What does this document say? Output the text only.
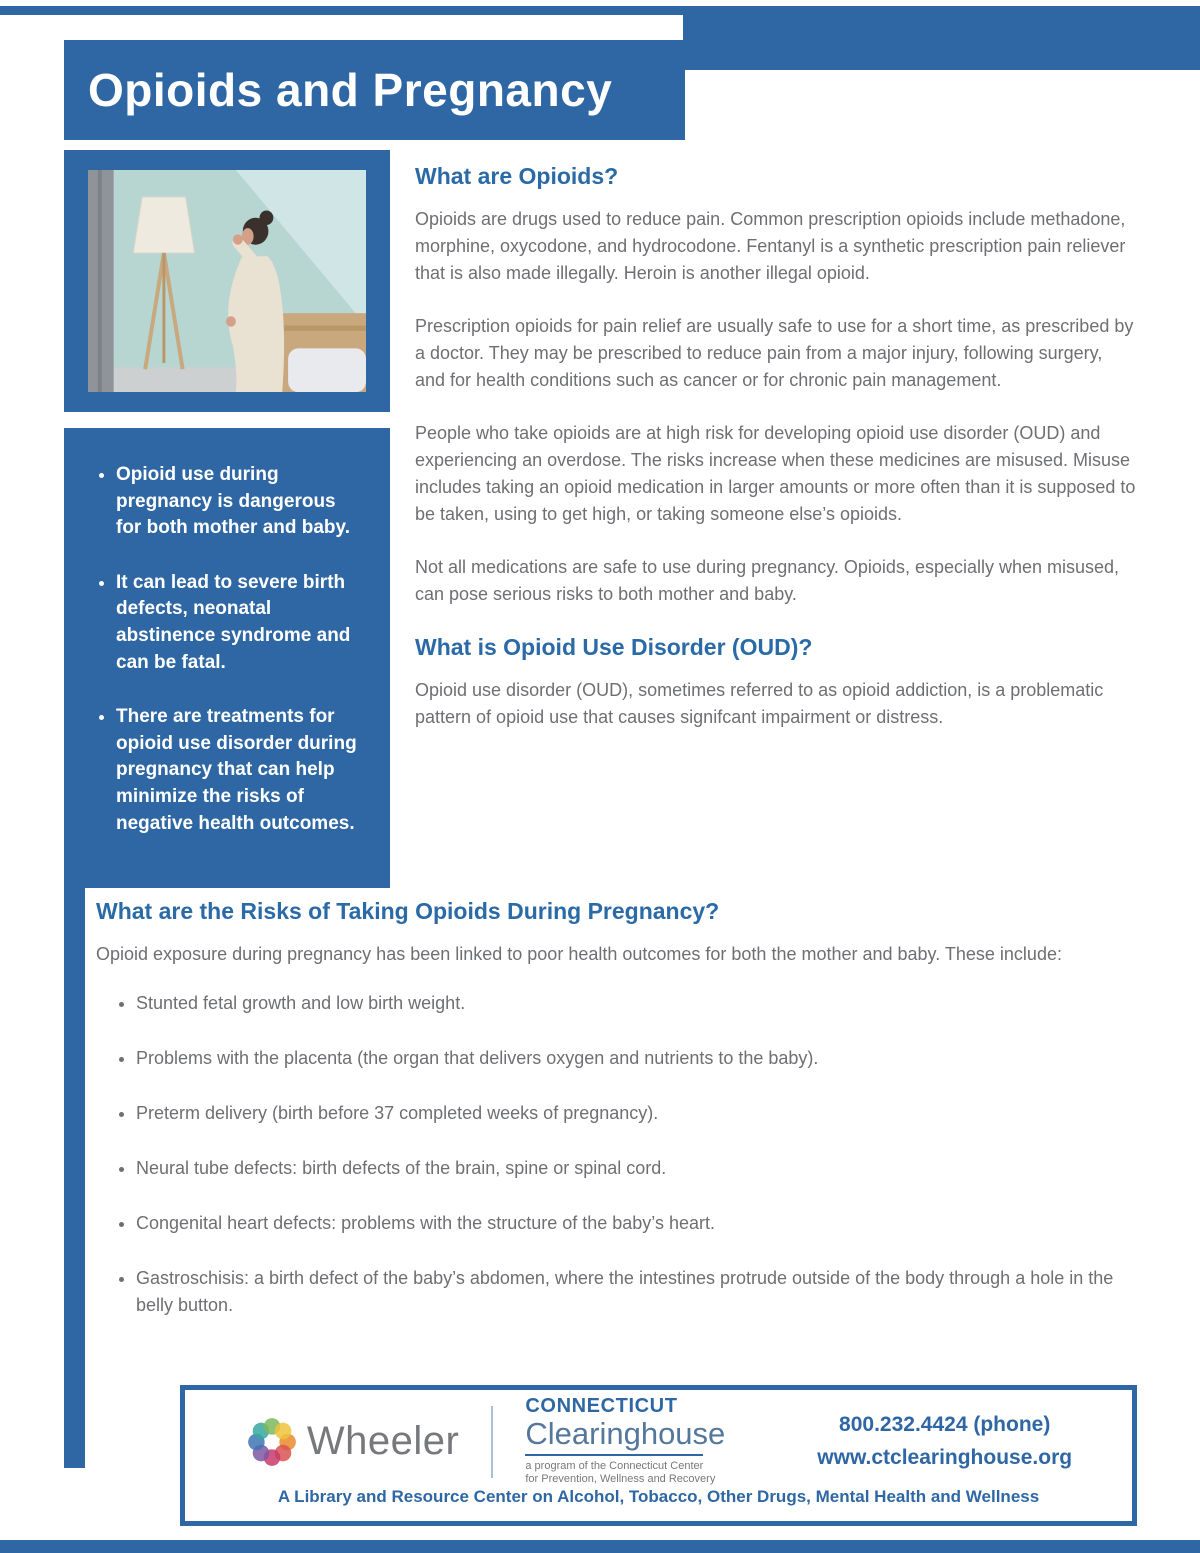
Opioids and Pregnancy
• Opioid use during pregnancy is dangerous for both mother and baby.
• It can lead to severe birth defects, neonatal abstinence syndrome and can be fatal.
• There are treatments for opioid use disorder during pregnancy that can help minimize the risks of negative health outcomes.
What are Opioids?

Opioids are drugs used to reduce pain. Common prescription opioids include methadone, morphine, oxycodone, and hydrocodone. Fentanyl is a synthetic prescription pain reliever that is also made illegally. Heroin is another illegal opioid.

Prescription opioids for pain relief are usually safe to use for a short time, as prescribed by a doctor. They may be prescribed to reduce pain from a major injury, following surgery, and for health conditions such as cancer or for chronic pain management.

People who take opioids are at high risk for developing opioid use disorder (OUD) and experiencing an overdose. The risks increase when these medicines are misused. Misuse includes taking an opioid medication in larger amounts or more often than it is supposed to be taken, using to get high, or taking someone else’s opioids.

Not all medications are safe to use during pregnancy. Opioids, especially when misused, can pose serious risks to both mother and baby.

What is Opioid Use Disorder (OUD)?

Opioid use disorder (OUD), sometimes referred to as opioid addiction, is a problematic pattern of opioid use that causes signifcant impairment or distress.

What are the Risks of Taking Opioids During Pregnancy?

Opioid exposure during pregnancy has been linked to poor health outcomes for both the mother and baby. These include:

• Stunted fetal growth and low birth weight.
• Problems with the placenta (the organ that delivers oxygen and nutrients to the baby).
• Preterm delivery (birth before 37 completed weeks of pregnancy).
• Neural tube defects: birth defects of the brain, spine or spinal cord.
• Congenital heart defects: problems with the structure of the baby’s heart.
• Gastroschisis: a birth defect of the baby’s abdomen, where the intestines protrude outside of the body through a hole in the belly button.
Wheeler
CONNECTICUT
Clearinghouse
a program of the Connecticut Center
for Prevention, Wellness and Recovery
800.232.4424 (phone)
www.ctclearinghouse.org
A Library and Resource Center on Alcohol, Tobacco, Other Drugs, Mental Health and Wellness
